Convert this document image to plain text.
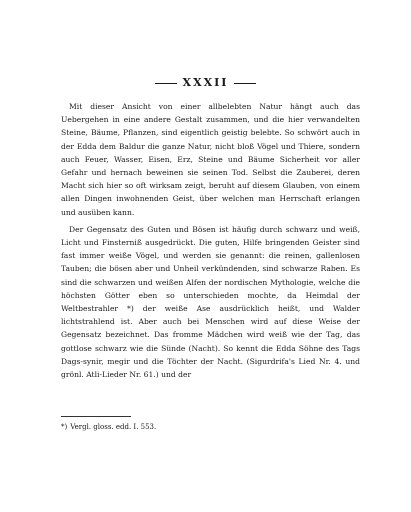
XXXII

Mit dieser Ansicht von einer allbelebten Natur hängt auch das Uebergehen in eine andere Gestalt zusammen, und die hier verwandelten Steine, Bäume, Pflanzen, sind eigentlich geistig belebte. So schwört auch in der Edda dem Baldur die ganze Natur, nicht bloß Vögel und Thiere, sondern auch Feuer, Wasser, Eisen, Erz, Steine und Bäume Sicherheit vor aller Gefahr und hernach beweinen sie seinen Tod. Selbst die Zauberei, deren Macht sich hier so oft wirksam zeigt, beruht auf diesem Glauben, von einem allen Dingen inwohnenden Geist, über welchen man Herrschaft erlangen und ausüben kann.

Der Gegensatz des Guten und Bösen ist häufig durch schwarz und weiß, Licht und Finsterniß ausgedrückt. Die guten, Hilfe bringenden Geister sind fast immer weiße Vögel, und werden sie genannt: die reinen, gallenlosen Tauben; die bösen aber und Unheil verkündenden, sind schwarze Raben. Es sind die schwarzen und weißen Alfen der nordischen Mythologie, welche die höchsten Götter eben so unterschieden mochte, da Heimdal der Weltbestrahler *) der weiße Ase ausdrücklich heißt, und Walder lichtstrahlend ist. Aber auch bei Menschen wird auf diese Weise der Gegensatz bezeichnet. Das fromme Mädchen wird weiß wie der Tag, das gottlose schwarz wie die Sünde (Nacht). So kennt die Edda Söhne des Tags Dags-synir, megir und die Töchter der Nacht. (Sigurdrifa's Lied Nr. 4. und grönl. Atli-Lieder Nr. 61.) und der

*) Vergl. gloss. edd. I. 553.
